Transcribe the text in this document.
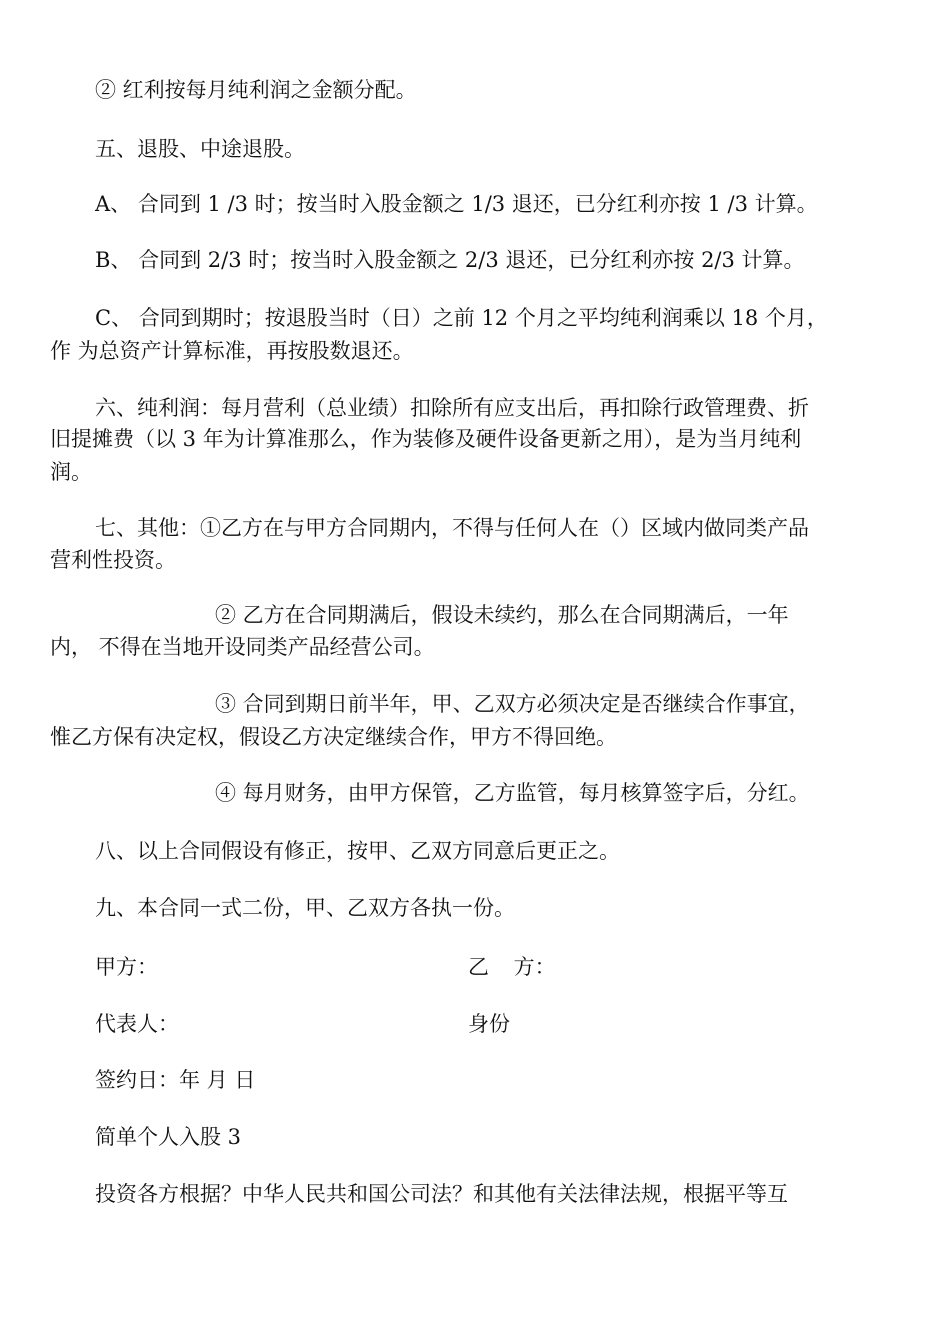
② 红利按每月纯利润之金额分配。
五、退股、中途退股。
A、 合同到 1 /3 时；按当时入股金额之 1/3 退还，已分红利亦按 1 /3 计算。
B、 合同到 2/3 时；按当时入股金额之 2/3 退还，已分红利亦按 2/3 计算。
C、 合同到期时；按退股当时（日）之前 12 个月之平均纯利润乘以 18 个月，
作 为总资产计算标准，再按股数退还。
六、纯利润：每月营利（总业绩）扣除所有应支出后，再扣除行政管理费、折
旧提摊费（以 3 年为计算准那么，作为装修及硬件设备更新之用），是为当月纯利
润。
七、其他：①乙方在与甲方合同期内，不得与任何人在（）区域内做同类产品
营利性投资。
② 乙方在合同期满后，假设未续约，那么在合同期满后，一年
内， 不得在当地开设同类产品经营公司。
③ 合同到期日前半年，甲、乙双方必须决定是否继续合作事宜，
惟乙方保有决定权，假设乙方决定继续合作，甲方不得回绝。
④ 每月财务，由甲方保管，乙方监管，每月核算签字后，分红。
八、以上合同假设有修正，按甲、乙双方同意后更正之。
九、本合同一式二份，甲、乙双方各执一份。
甲方：	乙 方：
代表人：	身份
签约日：年 月 日
简单个人入股 3
投资各方根据？中华人民共和国公司法？和其他有关法律法规，根据平等互
